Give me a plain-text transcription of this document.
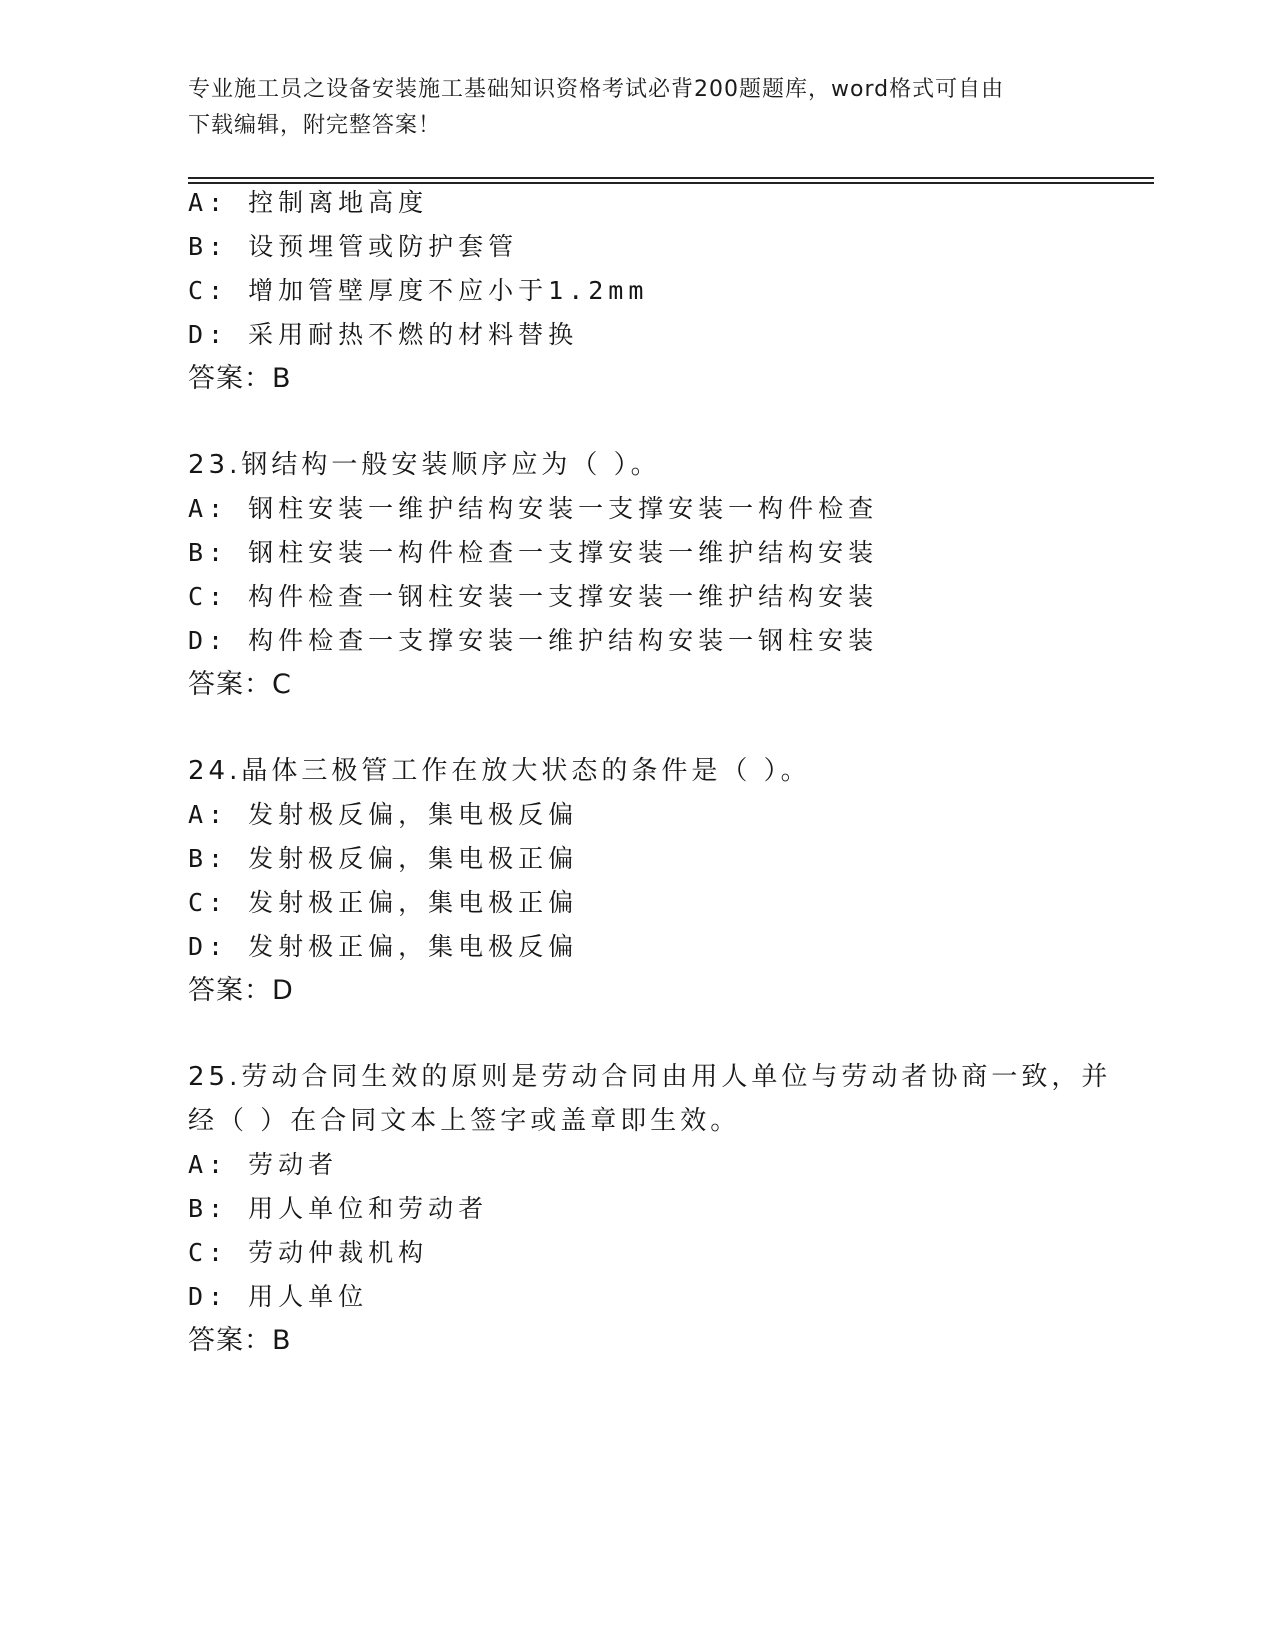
专业施工员之设备安装施工基础知识资格考试必背200题题库，word格式可自由
下载编辑，附完整答案！
A: 控制离地高度
B: 设预埋管或防护套管
C: 增加管壁厚度不应小于1.2mm
D: 采用耐热不燃的材料替换
答案：B
23.钢结构一般安装顺序应为（ ）。
A: 钢柱安装一维护结构安装一支撑安装一构件检查
B: 钢柱安装一构件检查一支撑安装一维护结构安装
C: 构件检查一钢柱安装一支撑安装一维护结构安装
D: 构件检查一支撑安装一维护结构安装一钢柱安装
答案：C
24.晶体三极管工作在放大状态的条件是（ ）。
A: 发射极反偏，集电极反偏
B: 发射极反偏，集电极正偏
C: 发射极正偏，集电极正偏
D: 发射极正偏，集电极反偏
答案：D
25.劳动合同生效的原则是劳动合同由用人单位与劳动者协商一致，并
经（ ）在合同文本上签字或盖章即生效。
A: 劳动者
B: 用人单位和劳动者
C: 劳动仲裁机构
D: 用人单位
答案：B
